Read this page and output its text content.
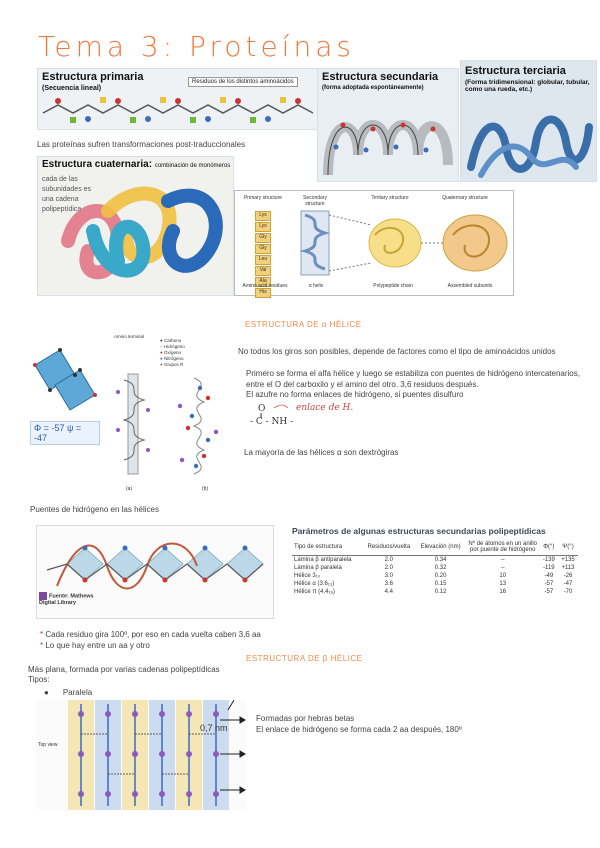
Tema 3: Proteínas
Estructura primaria
(Secuencia lineal)
Residuos de los distintos aminoácidos	Estructura secundaria
(forma adoptada espontáneamente)
Estructura terciaria
(Forma tridimensional: globular, tubular, como una rueda, etc.)
Las proteínas sufren transformaciones post-traduccionales
Estructura cuaternaria: combinación de monómeros
cada de las subunidades es una cadena polipeptídica
Primary structure	Secondary structure
Tertiary structure	Quaternary structure
Lys
Lys
Gly
Gly
Leu
Val
Ala
His
Amino acid residues	α helix	Polypeptide chain	Assembled subunits
ESTRUCTURA DE α HÉLICE
Φ = -57 ψ = -47
Amino terminal
● Carbono
● Hidrógeno
● Oxígeno
● Nitrógeno
● Grupos R
(a)	(b)
No todos los giros son posibles, depende de factores como el tipo de aminoácidos unidos
Primero se forma el alfa hélice y luego se estabiliza con puentes de hidrógeno intercatenarios, entre el O del carboxilo y el amino del otro. 3,6 residuos después.
El azufre no forma enlaces de hidrógeno, si puentes disulfuro
O
- C - NH -
enlace de H.
La mayoría de las hélices α son dextrógiras
Puentes de hidrógeno en las hélices
Fuente: Mathews Digital Library
* Cada residuo gira 100º, por eso en cada vuelta caben 3,6 aa
* Lo que hay entre un aa y otro
Parámetros de algunas estructuras secundarias polipeptídicas
Tipo de estructura	Residuos/vuelta	Elevación (nm)	Nº de átomos en un anillo por puente de hidrógeno	Φ(°)	Ψ(°)
Lámina β antiparalela	2.0	0.34	--	-139	+135
Lámina β paralela	2.0	0.32	--	-119	+113
Hélice 3₁₀	3.0	0.20	10	-49	-26
Hélice α (3.6₁₃)	3.6	0.15	13	-57	-47
Hélice π (4.4₁₆)	4.4	0.12	16	-57	-70
ESTRUCTURA DE β HÉLICE
Más plana, formada por varias cadenas polipeptídicas
Tipos:
● Paralela
Top view
0,7 nm
Formadas por hebras betas
El enlace de hidrógeno se forma cada 2 aa después, 180º
